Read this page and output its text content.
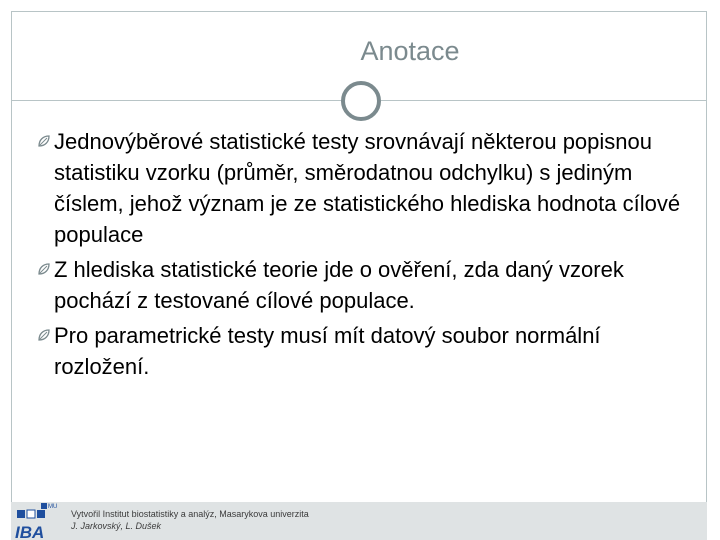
Anotace
Jednovýběrové statistické testy srovnávají některou popisnou statistiku vzorku (průměr, směrodatnou odchylku) s jediným číslem, jehož význam je ze statistického hlediska hodnota cílové populace
Z hlediska statistické teorie jde o ověření, zda daný vzorek pochází z testované cílové populace.
Pro parametrické testy musí mít datový soubor normální rozložení.
MU
IBA
Vytvořil Institut biostatistiky a analýz, Masarykova univerzita
J. Jarkovský, L. Dušek
